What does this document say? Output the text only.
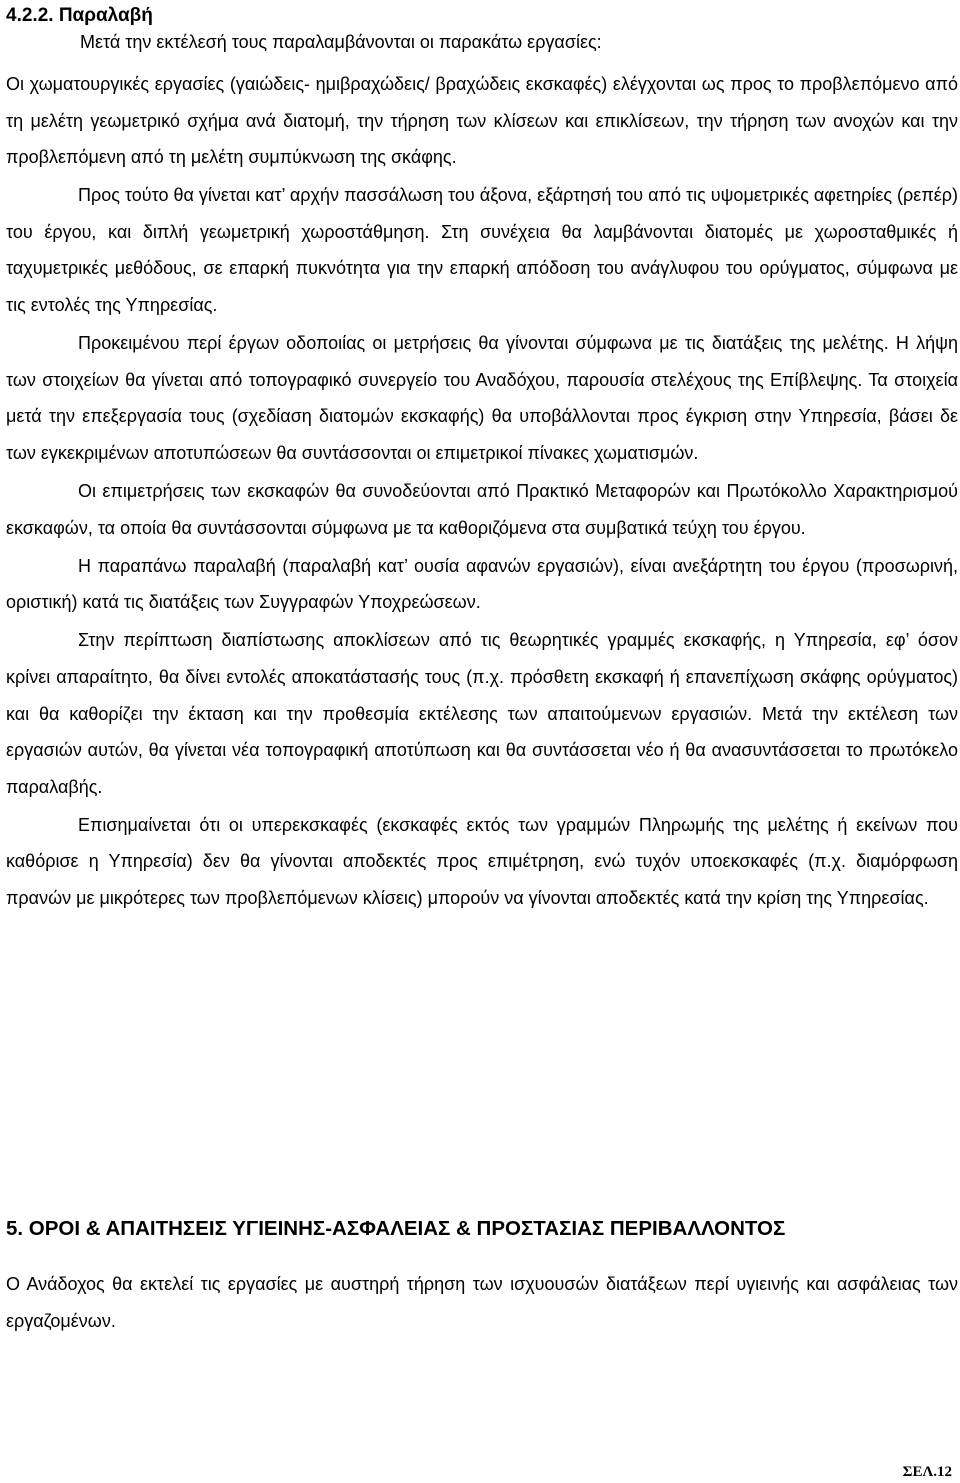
4.2.2. Παραλαβή

Μετά την εκτέλεσή τους παραλαμβάνονται οι παρακάτω εργασίες:

Οι χωματουργικές εργασίες (γαιώδεις- ημιβραχώδεις/ βραχώδεις εκσκαφές) ελέγχονται ως προς το προβλεπόμενο από τη μελέτη γεωμετρικό σχήμα ανά διατομή, την τήρηση των κλίσεων και επικλίσεων, την τήρηση των ανοχών και την προβλεπόμενη από τη μελέτη συμπύκνωση της σκάφης.

Προς τούτο θα γίνεται κατ’ αρχήν πασσάλωση του άξονα, εξάρτησή του από τις υψομετρικές αφετηρίες (ρεπέρ) του έργου, και διπλή γεωμετρική χωροστάθμηση. Στη συνέχεια θα λαμβάνονται διατομές με χωροσταθμικές ή ταχυμετρικές μεθόδους, σε επαρκή πυκνότητα για την επαρκή απόδοση του ανάγλυφου του ορύγματος, σύμφωνα με τις εντολές της Υπηρεσίας.

Προκειμένου περί έργων οδοποιίας οι μετρήσεις θα γίνονται σύμφωνα με τις διατάξεις της μελέτης. Η λήψη των στοιχείων θα γίνεται από τοπογραφικό συνεργείο του Αναδόχου, παρουσία στελέχους της Επίβλεψης. Τα στοιχεία μετά την επεξεργασία τους (σχεδίαση διατομών εκσκαφής) θα υποβάλλονται προς έγκριση στην Υπηρεσία, βάσει δε των εγκεκριμένων αποτυπώσεων θα συντάσσονται οι επιμετρικοί πίνακες χωματισμών.

Οι επιμετρήσεις των εκσκαφών θα συνοδεύονται από Πρακτικό Μεταφορών και Πρωτόκολλο Χαρακτηρισμού εκσκαφών, τα οποία θα συντάσσονται σύμφωνα με τα καθοριζόμενα στα συμβατικά τεύχη του έργου.

Η παραπάνω παραλαβή (παραλαβή κατ’ ουσία αφανών εργασιών), είναι ανεξάρτητη του έργου (προσωρινή, οριστική) κατά τις διατάξεις των Συγγραφών Υποχρεώσεων.

Στην περίπτωση διαπίστωσης αποκλίσεων από τις θεωρητικές γραμμές εκσκαφής, η Υπηρεσία, εφ’ όσον κρίνει απαραίτητο, θα δίνει εντολές αποκατάστασής τους (π.χ. πρόσθετη εκσκαφή ή επανεπίχωση σκάφης ορύγματος) και θα καθορίζει την έκταση και την προθεσμία εκτέλεσης των απαιτούμενων εργασιών. Μετά την εκτέλεση των εργασιών αυτών, θα γίνεται νέα τοπογραφική αποτύπωση και θα συντάσσεται νέο ή θα ανασυντάσσεται το πρωτόκελο παραλαβής.

Επισημαίνεται ότι οι υπερεκσκαφές (εκσκαφές εκτός των γραμμών Πληρωμής της μελέτης ή εκείνων που καθόρισε η Υπηρεσία) δεν θα γίνονται αποδεκτές προς επιμέτρηση, ενώ τυχόν υποεκσκαφές (π.χ. διαμόρφωση πρανών με μικρότερες των προβλεπόμενων κλίσεις) μπορούν να γίνονται αποδεκτές κατά την κρίση της Υπηρεσίας.

5. ΟΡΟΙ & ΑΠΑΙΤΗΣΕΙΣ ΥΓΙΕΙΝΗΣ-ΑΣΦΑΛΕΙΑΣ & ΠΡΟΣΤΑΣΙΑΣ ΠΕΡΙΒΑΛΛΟΝΤΟΣ

Ο Ανάδοχος θα εκτελεί τις εργασίες με αυστηρή τήρηση των ισχυουσών διατάξεων περί υγιεινής και ασφάλειας των εργαζομένων.

ΣΕΛ.12
